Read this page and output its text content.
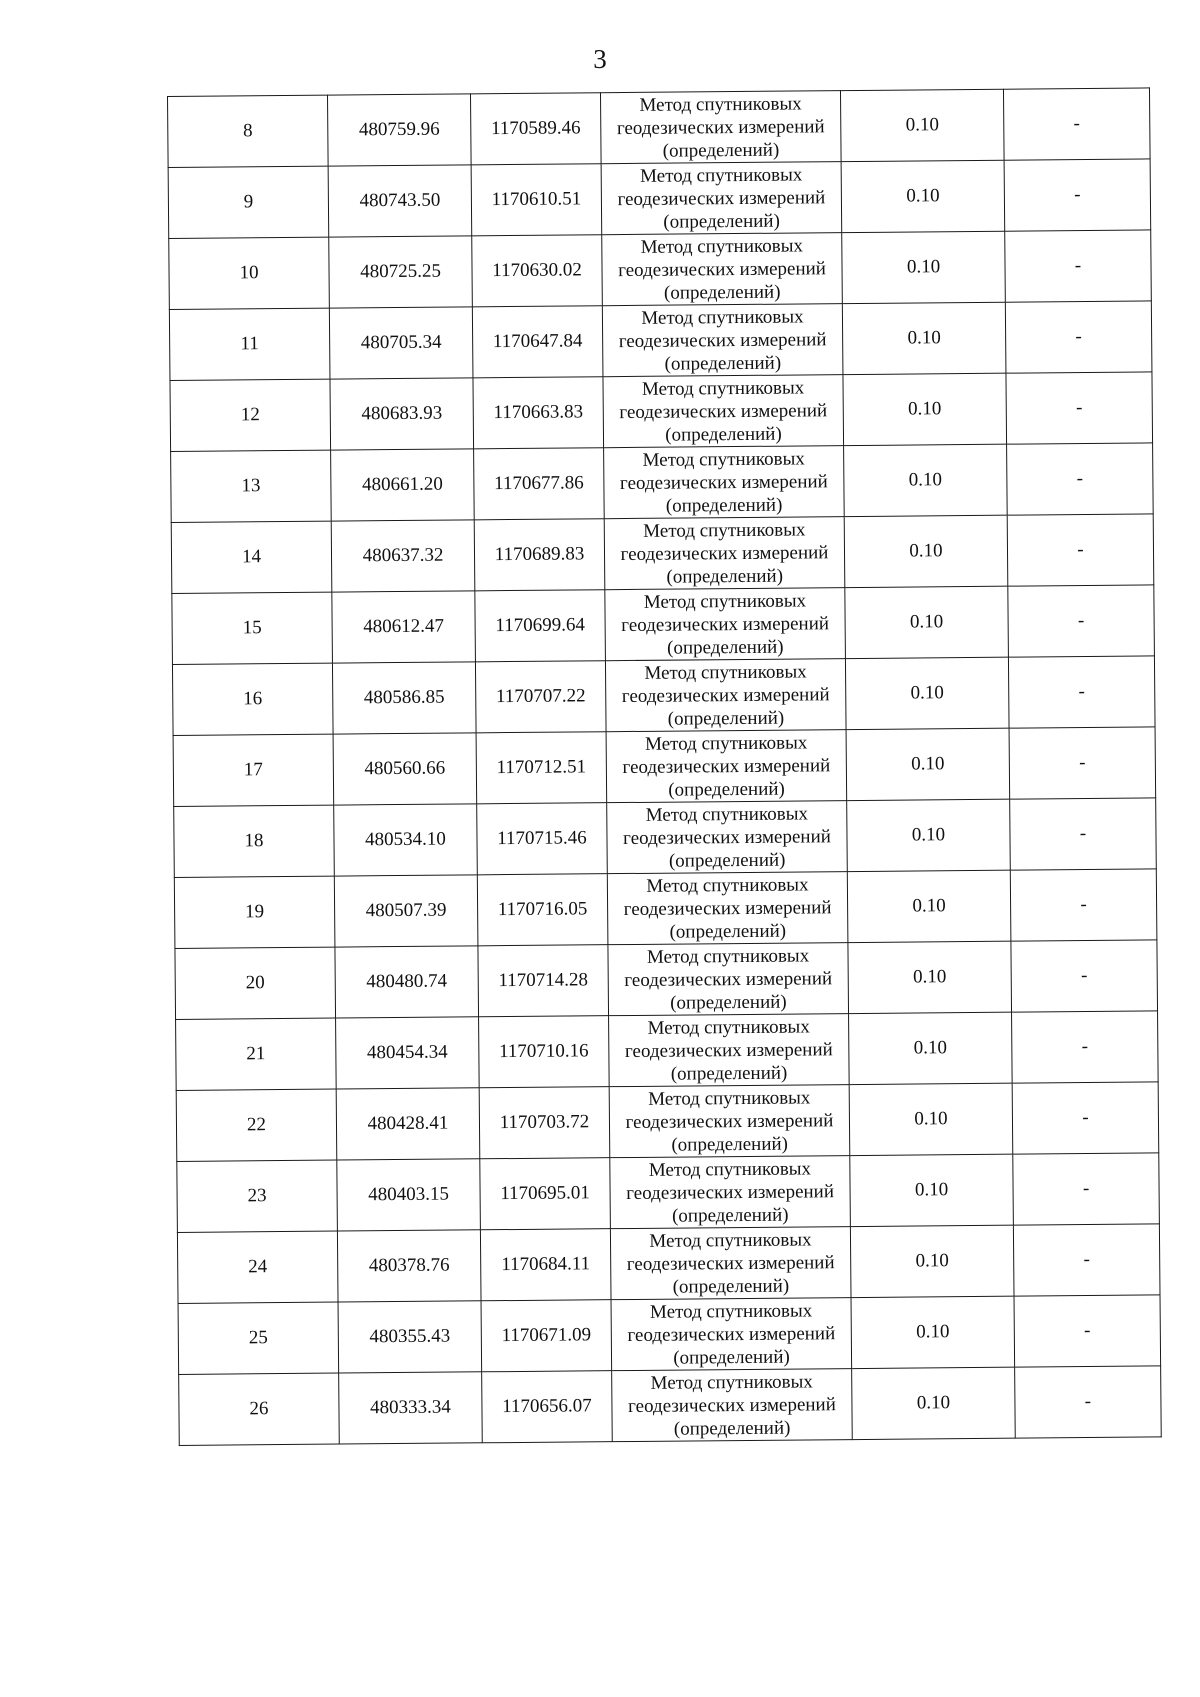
3
8	480759.96	1170589.46	Метод спутниковых
геодезических измерений
(определений)	0.10	-
9	480743.50	1170610.51	Метод спутниковых
геодезических измерений
(определений)	0.10	-
10	480725.25	1170630.02	Метод спутниковых
геодезических измерений
(определений)	0.10	-
11	480705.34	1170647.84	Метод спутниковых
геодезических измерений
(определений)	0.10	-
12	480683.93	1170663.83	Метод спутниковых
геодезических измерений
(определений)	0.10	-
13	480661.20	1170677.86	Метод спутниковых
геодезических измерений
(определений)	0.10	-
14	480637.32	1170689.83	Метод спутниковых
геодезических измерений
(определений)	0.10	-
15	480612.47	1170699.64	Метод спутниковых
геодезических измерений
(определений)	0.10	-
16	480586.85	1170707.22	Метод спутниковых
геодезических измерений
(определений)	0.10	-
17	480560.66	1170712.51	Метод спутниковых
геодезических измерений
(определений)	0.10	-
18	480534.10	1170715.46	Метод спутниковых
геодезических измерений
(определений)	0.10	-
19	480507.39	1170716.05	Метод спутниковых
геодезических измерений
(определений)	0.10	-
20	480480.74	1170714.28	Метод спутниковых
геодезических измерений
(определений)	0.10	-
21	480454.34	1170710.16	Метод спутниковых
геодезических измерений
(определений)	0.10	-
22	480428.41	1170703.72	Метод спутниковых
геодезических измерений
(определений)	0.10	-
23	480403.15	1170695.01	Метод спутниковых
геодезических измерений
(определений)	0.10	-
24	480378.76	1170684.11	Метод спутниковых
геодезических измерений
(определений)	0.10	-
25	480355.43	1170671.09	Метод спутниковых
геодезических измерений
(определений)	0.10	-
26	480333.34	1170656.07	Метод спутниковых
геодезических измерений
(определений)	0.10	-
